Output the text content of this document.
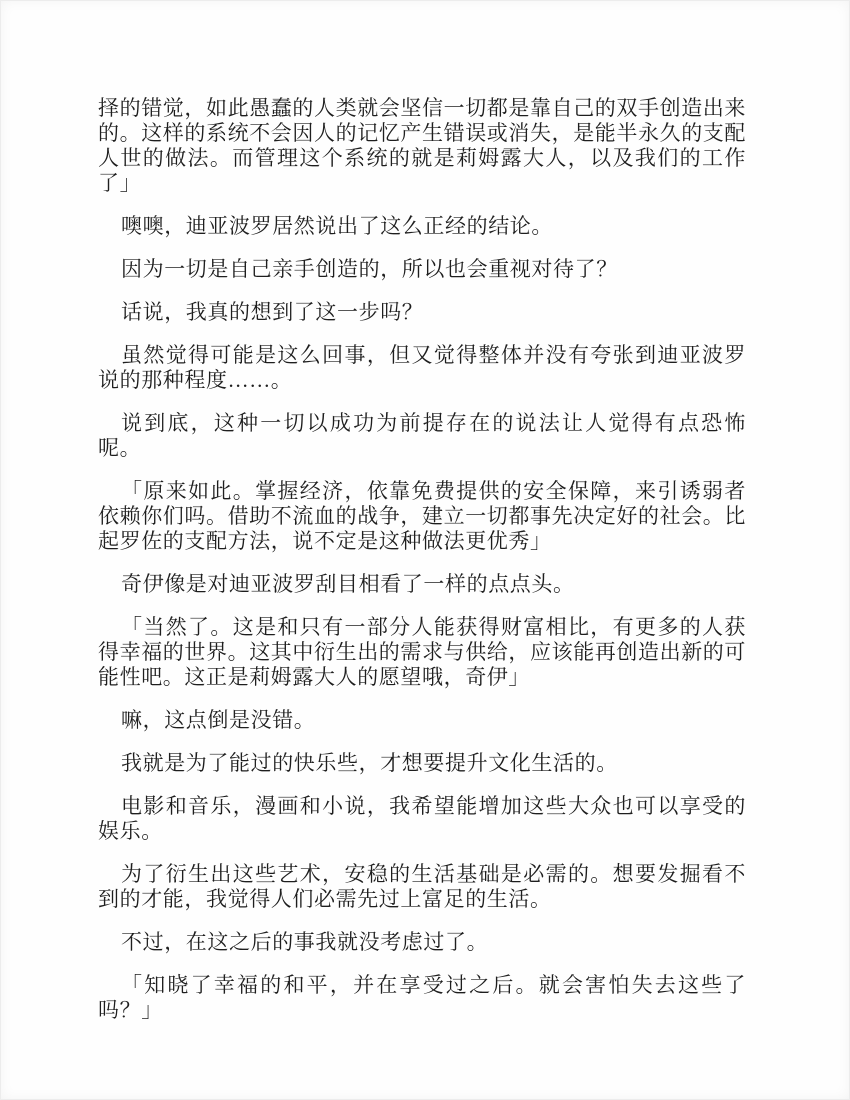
择的错觉，如此愚蠢的人类就会坚信一切都是靠自己的双手创造出来的。这样的系统不会因人的记忆产生错误或消失，是能半永久的支配人世的做法。而管理这个系统的就是莉姆露大人，以及我们的工作了」

噢噢，迪亚波罗居然说出了这么正经的结论。

因为一切是自己亲手创造的，所以也会重视对待了？

话说，我真的想到了这一步吗？

虽然觉得可能是这么回事，但又觉得整体并没有夸张到迪亚波罗说的那种程度……。

说到底，这种一切以成功为前提存在的说法让人觉得有点恐怖呢。

「原来如此。掌握经济，依靠免费提供的安全保障，来引诱弱者依赖你们吗。借助不流血的战争，建立一切都事先决定好的社会。比起罗佐的支配方法，说不定是这种做法更优秀」

奇伊像是对迪亚波罗刮目相看了一样的点点头。

「当然了。这是和只有一部分人能获得财富相比，有更多的人获得幸福的世界。这其中衍生出的需求与供给，应该能再创造出新的可能性吧。这正是莉姆露大人的愿望哦，奇伊」

嘛，这点倒是没错。

我就是为了能过的快乐些，才想要提升文化生活的。

电影和音乐，漫画和小说，我希望能增加这些大众也可以享受的娱乐。

为了衍生出这些艺术，安稳的生活基础是必需的。想要发掘看不到的才能，我觉得人们必需先过上富足的生活。

不过，在这之后的事我就没考虑过了。

「知晓了幸福的和平，并在享受过之后。就会害怕失去这些了吗？」
